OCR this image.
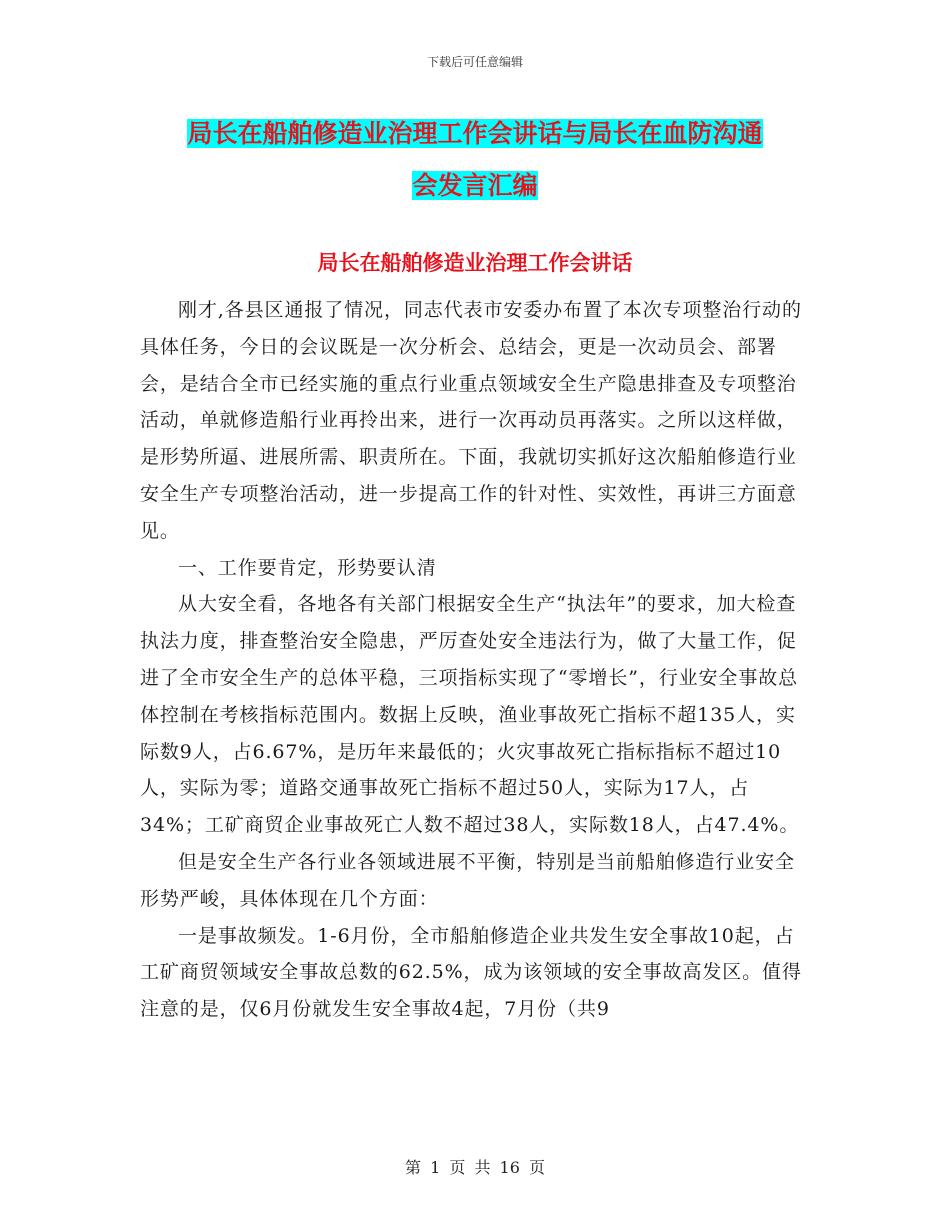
下载后可任意编辑
局长在船舶修造业治理工作会讲话与局长在血防沟通
会发言汇编
局长在船舶修造业治理工作会讲话

刚才,各县区通报了情况，同志代表市安委办布置了本次专项整治行动的具体任务，今日的会议既是一次分析会、总结会，更是一次动员会、部署会，是结合全市已经实施的重点行业重点领域安全生产隐患排查及专项整治活动，单就修造船行业再拎出来，进行一次再动员再落实。之所以这样做，是形势所逼、进展所需、职责所在。下面，我就切实抓好这次船舶修造行业安全生产专项整治活动，进一步提高工作的针对性、实效性，再讲三方面意见。

一、工作要肯定，形势要认清

从大安全看，各地各有关部门根据安全生产“执法年”的要求，加大检查执法力度，排查整治安全隐患，严厉查处安全违法行为，做了大量工作，促进了全市安全生产的总体平稳，三项指标实现了“零增长”，行业安全事故总体控制在考核指标范围内。数据上反映，渔业事故死亡指标不超135人，实际数9人，占6.67%，是历年来最低的；火灾事故死亡指标指标不超过10人，实际为零；道路交通事故死亡指标不超过50人，实际为17人，占34%；工矿商贸企业事故死亡人数不超过38人，实际数18人，占47.4%。

但是安全生产各行业各领域进展不平衡，特别是当前船舶修造行业安全形势严峻，具体体现在几个方面：

一是事故频发。1-6月份，全市船舶修造企业共发生安全事故10起，占工矿商贸领域安全事故总数的62.5%，成为该领域的安全事故高发区。值得注意的是，仅6月份就发生安全事故4起，7月份（共9

第 1 页 共 16 页
